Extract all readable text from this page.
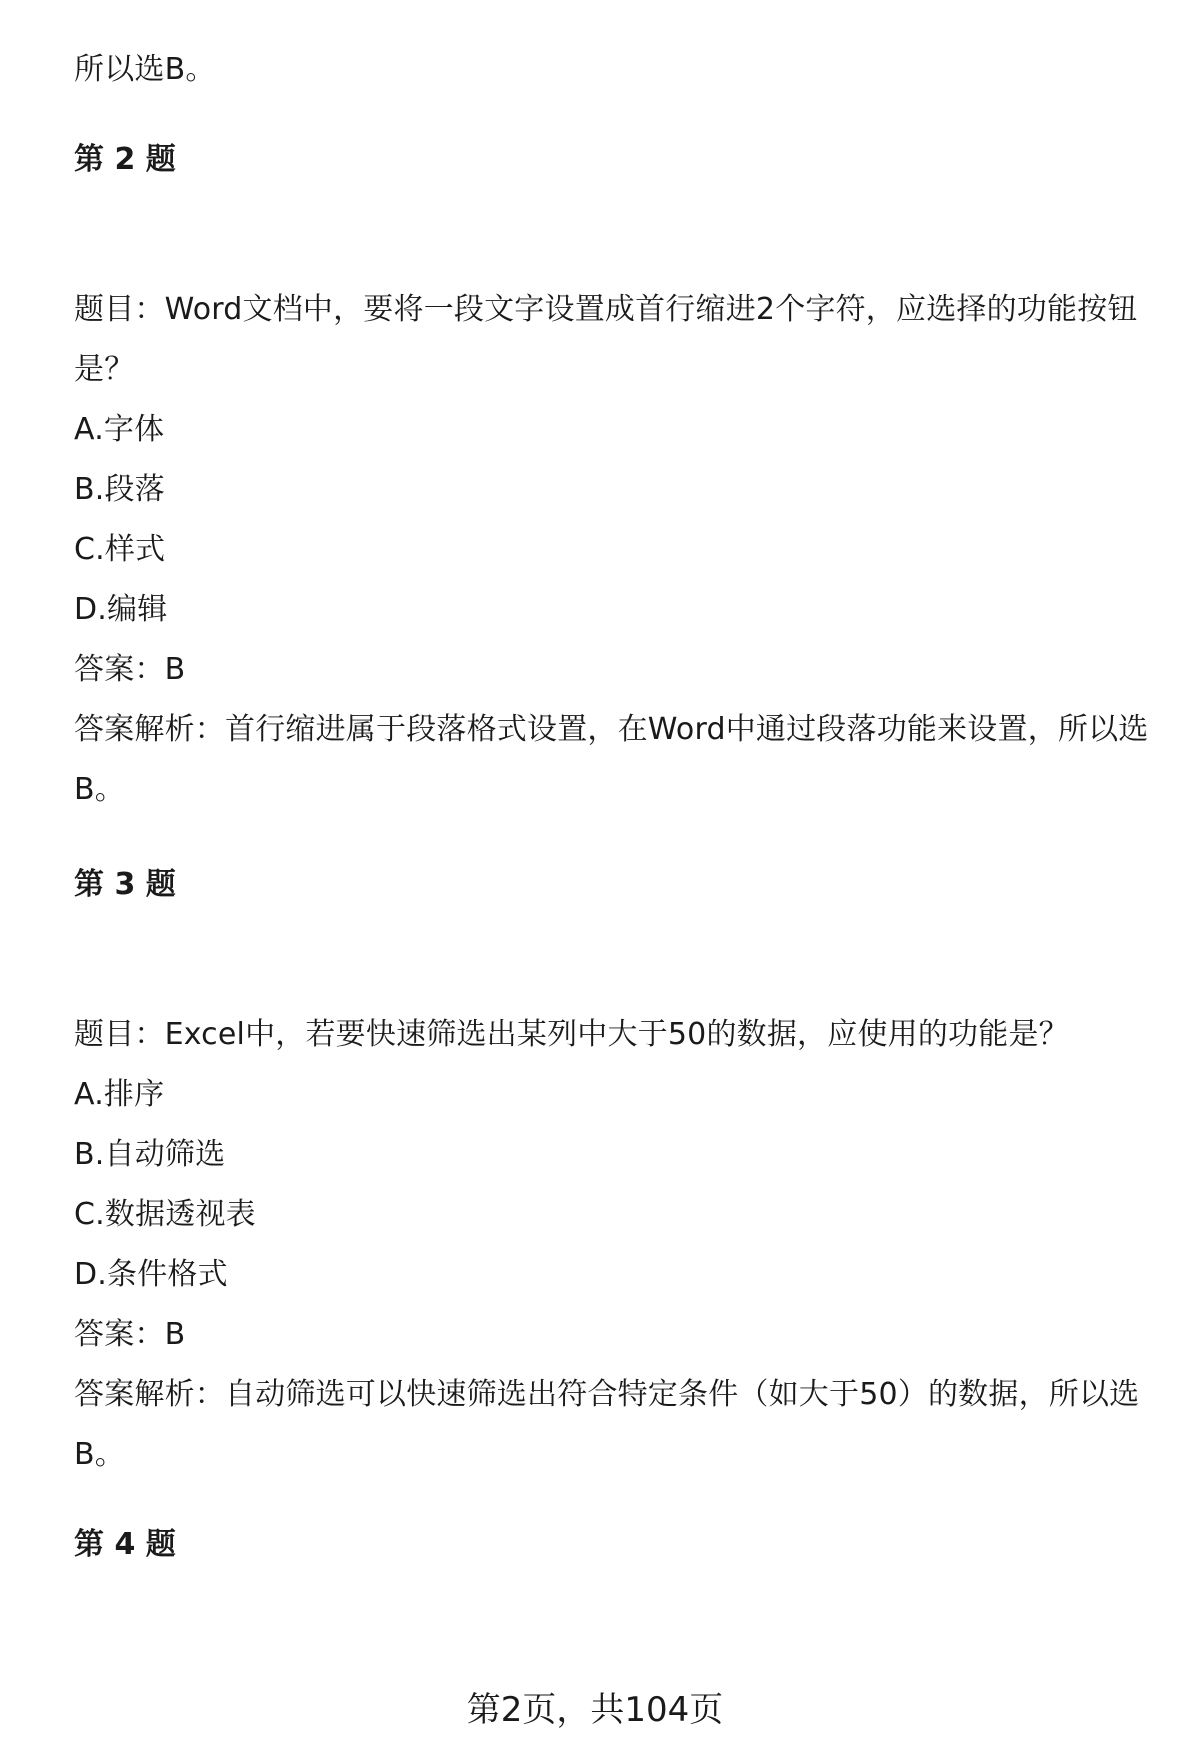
所以选B。
第 2 题
题目：Word文档中，要将一段文字设置成首行缩进2个字符，应选择的功能按钮
是？
A.字体
B.段落
C.样式
D.编辑
答案：B
答案解析：首行缩进属于段落格式设置，在Word中通过段落功能来设置，所以选
B。
第 3 题
题目：Excel中，若要快速筛选出某列中大于50的数据，应使用的功能是？
A.排序
B.自动筛选
C.数据透视表
D.条件格式
答案：B
答案解析：自动筛选可以快速筛选出符合特定条件（如大于50）的数据，所以选
B。
第 4 题
第2页，共104页
